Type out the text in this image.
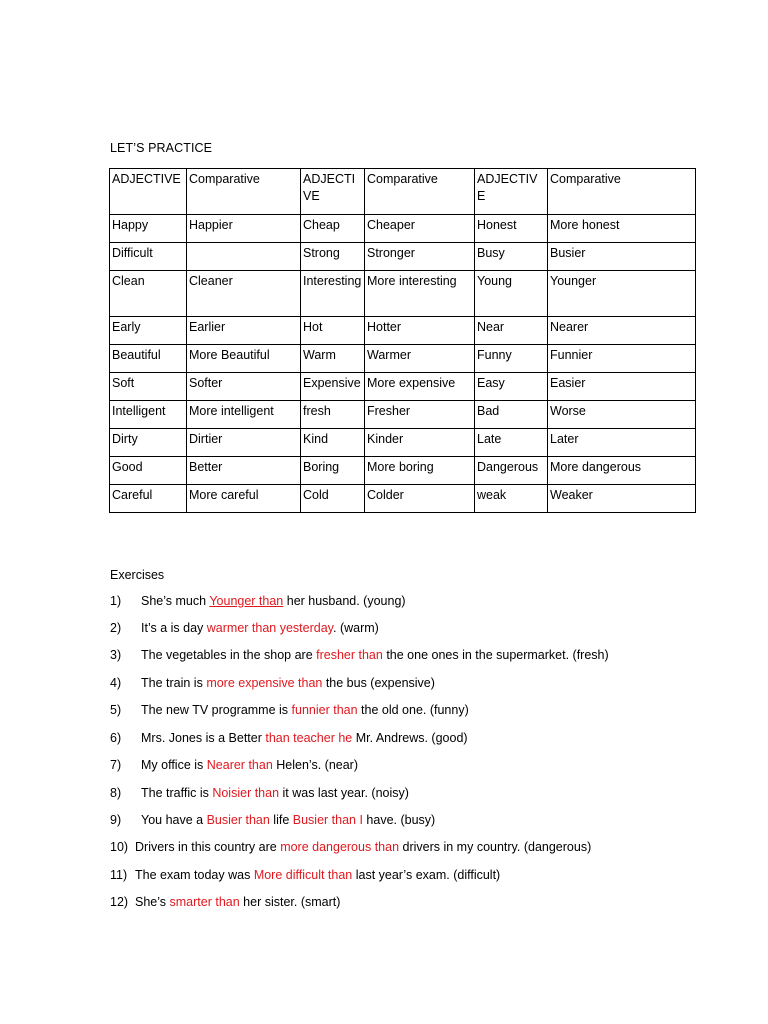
LET’S PRACTICE
ADJECTIVE	Comparative	ADJECTIVE	Comparative	ADJECTIVE	Comparative
Happy	Happier	Cheap	Cheaper	Honest	More honest
Difficult		Strong	Stronger	Busy	Busier
Clean	Cleaner	Interesting	More interesting	Young	Younger
Early	Earlier	Hot	Hotter	Near	Nearer
Beautiful	More Beautiful	Warm	Warmer	Funny	Funnier
Soft	Softer	Expensive	More expensive	Easy	Easier
Intelligent	More intelligent	fresh	Fresher	Bad	Worse
Dirty	Dirtier	Kind	Kinder	Late	Later
Good	Better	Boring	More boring	Dangerous	More dangerous
Careful	More careful	Cold	Colder	weak	Weaker
Exercises
1) She’s much Younger than her husband. (young)
2) It’s a is day warmer than yesterday. (warm)
3) The vegetables in the shop are fresher than the one ones in the supermarket. (fresh)
4) The train is more expensive than the bus (expensive)
5) The new TV programme is funnier than the old one. (funny)
6) Mrs. Jones is a Better than teacher he Mr. Andrews. (good)
7) My office is Nearer than Helen’s. (near)
8) The traffic is Noisier than it was last year. (noisy)
9) You have a Busier than life Busier than I have. (busy)
10) Drivers in this country are more dangerous than drivers in my country. (dangerous)
11) The exam today was More difficult than last year’s exam. (difficult)
12) She’s smarter than her sister. (smart)
